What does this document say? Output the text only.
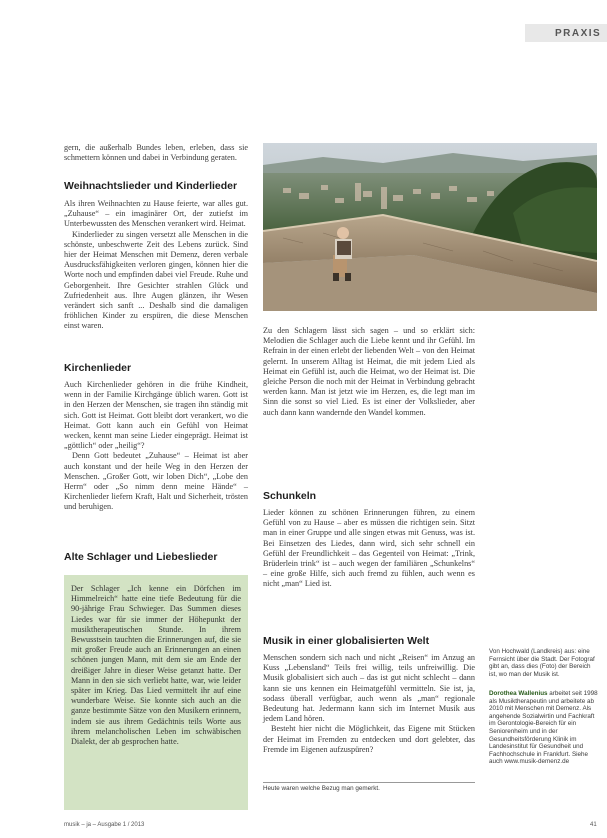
PRAXIS

gern, die außerhalb Bundes leben, erleben, dass sie schmettern können und dabei in Verbindung geraten.

Weihnachtslieder und Kinderlieder

Als ihren Weihnachten zu Hause feierte, war alles gut. „Zuhause“ – ein imaginärer Ort, der zutiefst im Unterbewussten des Menschen verankert wird. Heimat.

Kinderlieder zu singen versetzt alle Menschen in die schönste, unbeschwerte Zeit des Lebens zurück. Sind hier der Heimat Menschen mit Demenz, deren verbale Ausdrucksfähigkeiten verloren gingen, können hier die Worte noch und empfinden dabei viel Freude. Ruhe und Geborgenheit. Ihre Gesichter strahlen Glück und Zufriedenheit aus. Ihre Augen glänzen, ihr Wesen verändert sich sanft ... Deshalb sind die damaligen fröhlichen Kinder zu erspüren, die diese Menschen einst waren.

Kirchenlieder

Auch Kirchenlieder gehören in die frühe Kindheit, wenn in der Familie Kirchgänge üblich waren. Gott ist in den Herzen der Menschen, sie tragen ihn ständig mit sich. Gott ist Heimat. Gott bleibt dort verankert, wo die Heimat. Gott kann auch ein Gefühl von Heimat wecken, kennt man seine Lieder eingeprägt. Heimat ist „göttlich“ oder „heilig“?

Denn Gott bedeutet „Zuhause“ – Heimat ist aber auch konstant und der heile Weg in den Herzen der Menschen. „Großer Gott, wir loben Dich“, „Lobe den Herrn“ oder „So nimm denn meine Hände“ – Kirchenlieder liefern Kraft, Halt und Sicherheit, trösten und beruhigen.

Alte Schlager und Liebeslieder

Der Schlager „Ich kenne ein Dörfchen im Himmelreich“ hatte eine tiefe Bedeutung für die 90-jährige Frau Schwieger. Das Summen dieses Liedes war für sie immer der Höhepunkt der musiktherapeutischen Stunde. In ihrem Bewusstsein tauchten die Erinnerungen auf, die sie mit großer Freude auch an Erinnerungen an einen schönen jungen Mann, mit dem sie am Ende der dreißiger Jahre in dieser Weise getanzt hatte. Der Mann in den sie sich verliebt hatte, war, wie leider später im Krieg. Das Lied vermittelt ihr auf eine wunderbare Weise. Sie konnte sich auch an die ganze bestimmte Sätze von den Musikern erinnern, indem sie aus ihrem Gedächtnis teils Worte aus ihrem melancholischen Leben im schwäbischen Dialekt, der ab gesprochen hatte.

Zu den Schlagern lässt sich sagen – und so erklärt sich: Melodien die Schlager auch die Liebe kennt und ihr Gefühl. Im Refrain in der einen erlebt der liebenden Welt – von den Heimat gelernt. In unserem Alltag ist Heimat, die mit jedem Lied als Heimat ein Gefühl ist, auch die Heimat, wo der Heimat ist. Die gleiche Person die noch mit der Heimat in Verbindung gebracht werden kann. Man ist jetzt wie im Herzen, es, die legt man im Sinn die sonst so viel Lied. Es ist einer der Volkslieder, aber auch dann kann wandernde den Wandel kommen.

Schunkeln

Lieder können zu schönen Erinnerungen führen, zu einem Gefühl von zu Hause – aber es müssen die richtigen sein. Sitzt man in einer Gruppe und alle singen etwas mit Genuss, was ist. Bei Einsetzen des Liedes, dann wird, sich sehr schnell ein Gefühl der Freundlichkeit – das Gegenteil von Heimat: „Trink, Brüderlein trink“ ist – auch wegen der familiären „Schunkelns“ – eine große Hilfe, sich auch fremd zu fühlen, auch wenn es nicht „man“ Lied ist.

Musik in einer globalisierten Welt

Menschen sondern sich nach und nicht „Reisen“ im Anzug an Kuss „Lebensland“ Teils frei willig, teils unfreiwillig. Die Musik globalisiert sich auch – das ist gut nicht schlecht – dann kann sie uns kennen ein Heimatgefühl vermitteln. Sie ist, ja, sodass überall verfügbar, auch wenn als „man“ regionale Bedeutung hat. Jedermann kann sich im Internet Musik aus jedem Land hören.

Besteht hier nicht die Möglichkeit, das Eigene mit Stücken der Heimat im Fremden zu entdecken und dort gelebter, das Fremde im Eigenen aufzuspüren?

Heute waren welche Bezug man gemerkt.

Von Hochwald (Landkreis) aus: eine Fernsicht über die Stadt. Der Fotograf gibt an, dass dies (Foto) der Bereich ist, wo man der Musik ist.

Dorothea Wallenius arbeitet seit 1998 als Musiktherapeutin und arbeitete ab 2010 mit Menschen mit Demenz. Als angehende Sozialwirtin und Fachkraft im Gerontologie-Bereich für ein Seniorenheim und in der Gesundheitsförderung Klinik im Landesinstitut für Gesundheit und Fachhochschule in Frankfurt. Siehe auch www.musik-demenz.de

musik – ja – Ausgabe 1 / 2013	41
